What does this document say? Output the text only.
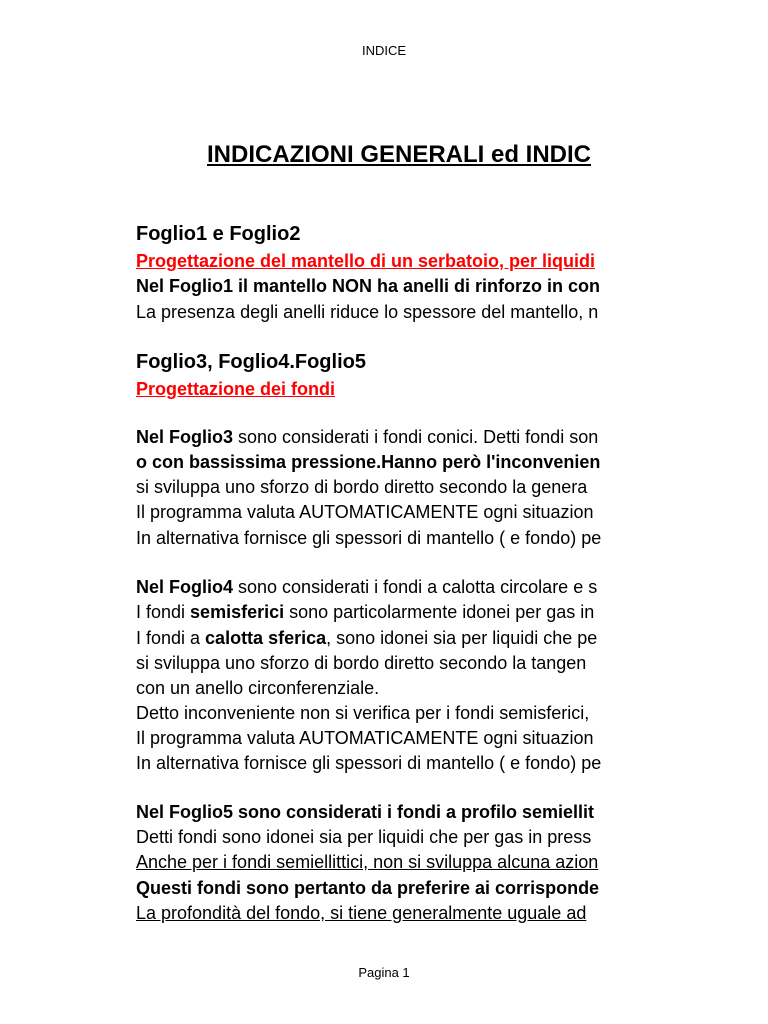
INDICE
INDICAZIONI GENERALI ed INDIC
Foglio1 e Foglio2
Progettazione del mantello di un serbatoio, per liquidi
Nel Foglio1 il mantello NON ha anelli di rinforzo in con
La presenza degli anelli riduce lo spessore del mantello, n
Foglio3, Foglio4.Foglio5
Progettazione dei fondi
Nel Foglio3 sono considerati i fondi conici. Detti fondi son
o con bassissima pressione.Hanno però l'inconvenien
si sviluppa uno sforzo di bordo diretto secondo la genera
Il programma valuta AUTOMATICAMENTE ogni situazion
In alternativa fornisce gli spessori di mantello ( e fondo) pe
Nel Foglio4 sono considerati i fondi a calotta circolare e s
I fondi semisferici sono particolarmente idonei per gas in
I fondi a calotta sferica, sono idonei sia per liquidi che pe
si sviluppa uno sforzo di bordo diretto secondo la tangen
con un anello circonferenziale.
Detto inconveniente non si verifica per i fondi semisferici,
Il programma valuta AUTOMATICAMENTE ogni situazion
In alternativa fornisce gli spessori di mantello ( e fondo) pe
Nel Foglio5 sono considerati i fondi a profilo semiellit
Detti fondi sono idonei sia per liquidi che per gas in press
Anche per i fondi semiellittici, non si sviluppa alcuna azion
Questi fondi sono pertanto da preferire ai corrisponde
La profondità del fondo, si tiene generalmente uguale ad
Pagina 1
